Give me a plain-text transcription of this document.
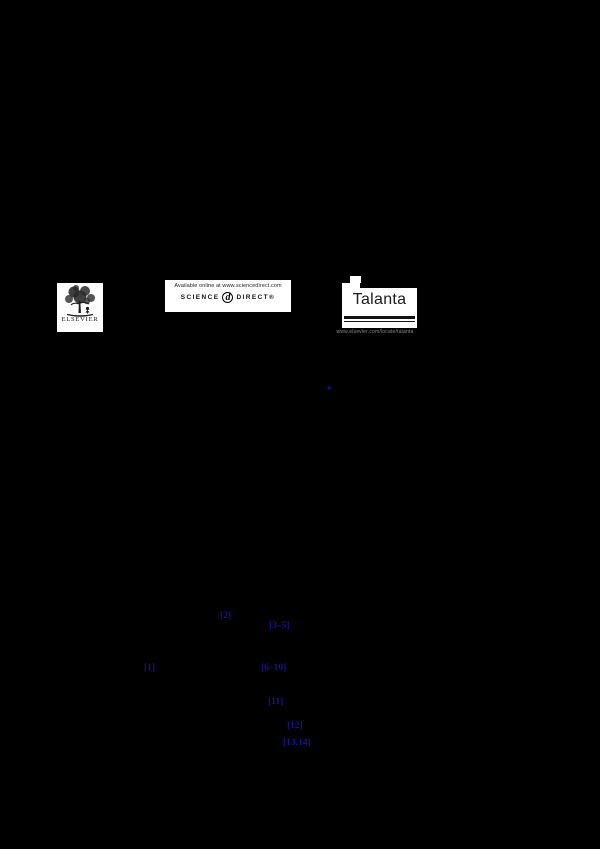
ELSEVIER
Available online at www.sciencedirect.com
SCIENCE d DIRECT®	Talanta
www.elsevier.com/locate/talanta
*
[2]
[3–5]
[1]	[6–10]
[11]
[12]
[13,14]
